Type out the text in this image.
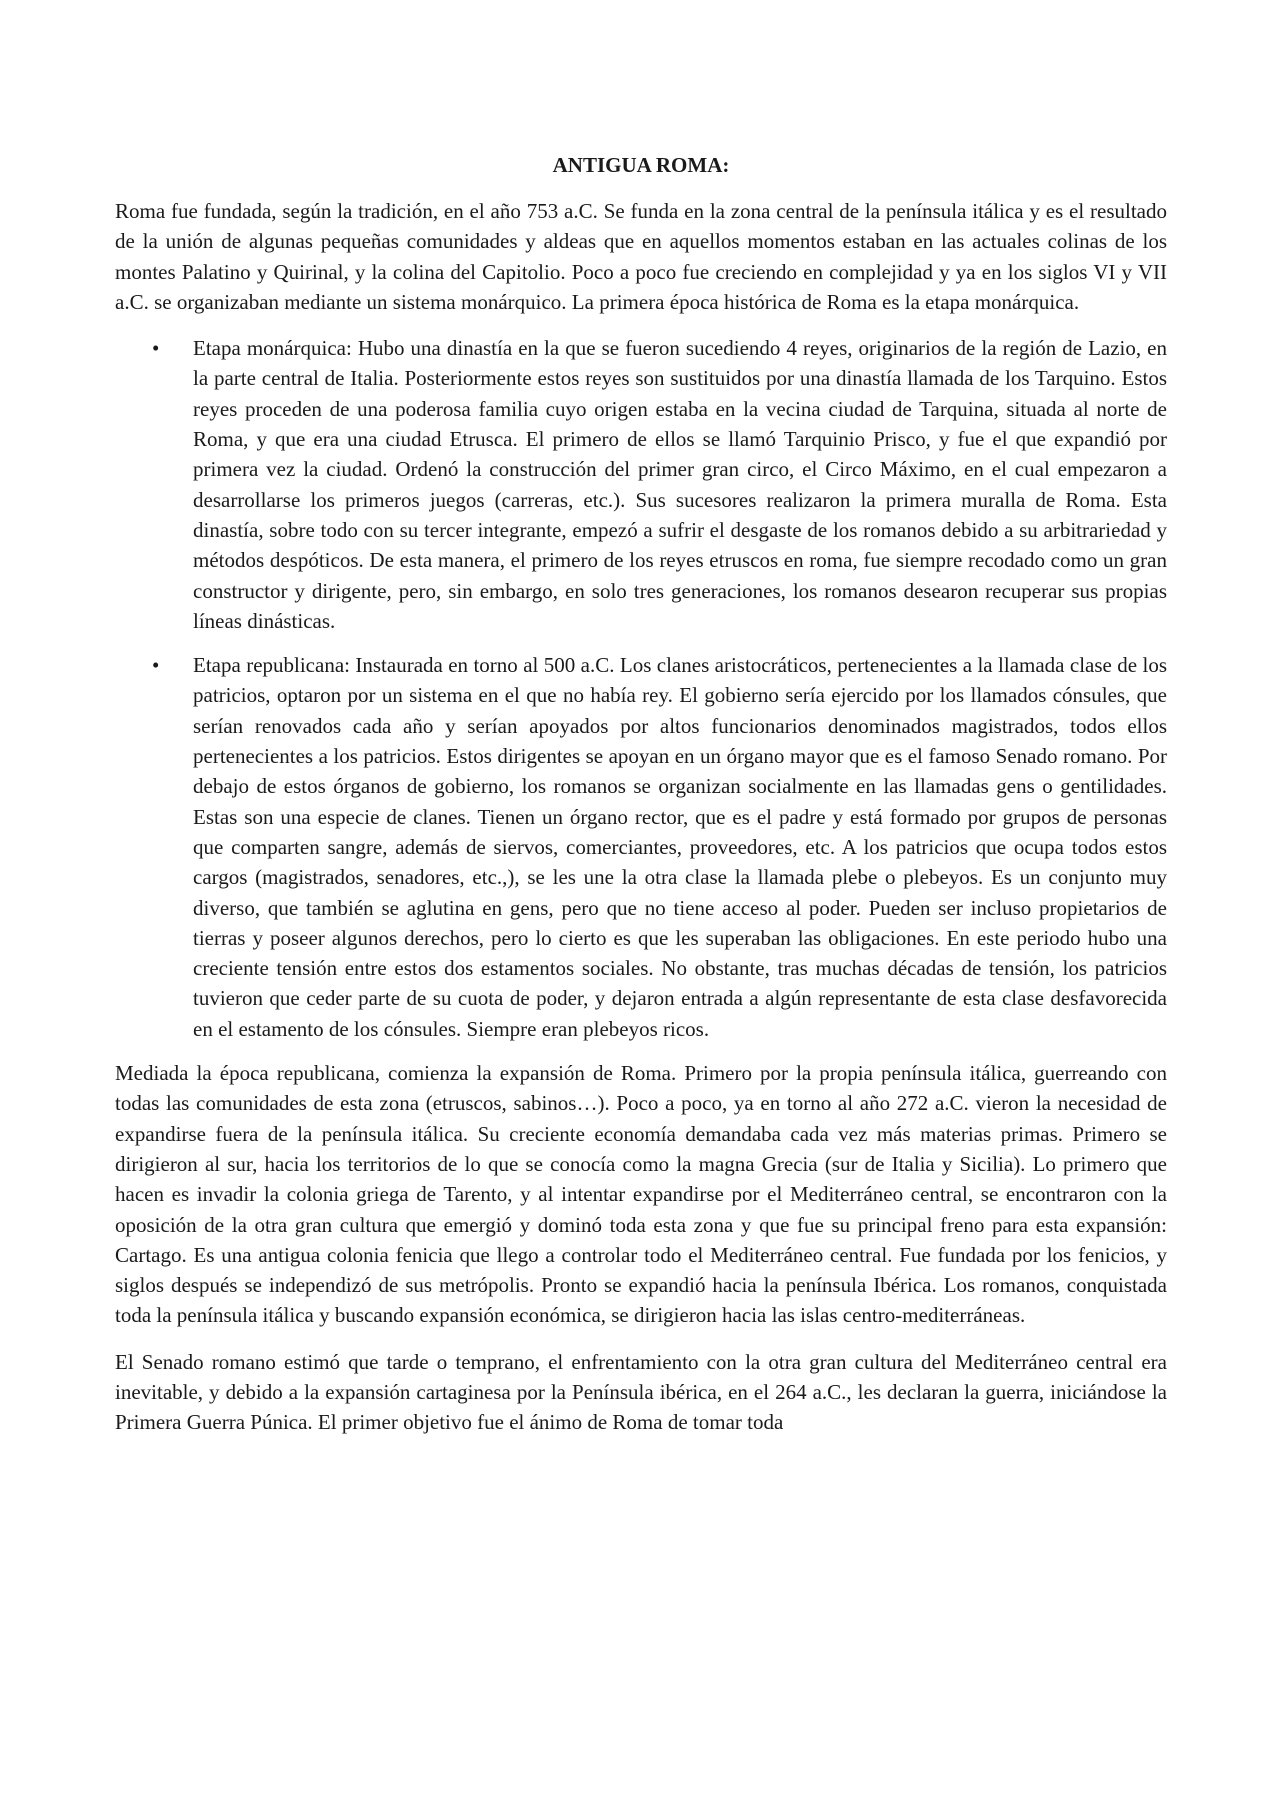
ANTIGUA ROMA:

Roma fue fundada, según la tradición, en el año 753 a.C. Se funda en la zona central de la península itálica y es el resultado de la unión de algunas pequeñas comunidades y aldeas que en aquellos momentos estaban en las actuales colinas de los montes Palatino y Quirinal, y la colina del Capitolio. Poco a poco fue creciendo en complejidad y ya en los siglos VI y VII a.C. se organizaban mediante un sistema monárquico. La primera época histórica de Roma es la etapa monárquica.

• Etapa monárquica: Hubo una dinastía en la que se fueron sucediendo 4 reyes, originarios de la región de Lazio, en la parte central de Italia. Posteriormente estos reyes son sustituidos por una dinastía llamada de los Tarquino. Estos reyes proceden de una poderosa familia cuyo origen estaba en la vecina ciudad de Tarquina, situada al norte de Roma, y que era una ciudad Etrusca. El primero de ellos se llamó Tarquinio Prisco, y fue el que expandió por primera vez la ciudad. Ordenó la construcción del primer gran circo, el Circo Máximo, en el cual empezaron a desarrollarse los primeros juegos (carreras, etc.). Sus sucesores realizaron la primera muralla de Roma. Esta dinastía, sobre todo con su tercer integrante, empezó a sufrir el desgaste de los romanos debido a su arbitrariedad y métodos despóticos. De esta manera, el primero de los reyes etruscos en roma, fue siempre recodado como un gran constructor y dirigente, pero, sin embargo, en solo tres generaciones, los romanos desearon recuperar sus propias líneas dinásticas.

• Etapa republicana: Instaurada en torno al 500 a.C. Los clanes aristocráticos, pertenecientes a la llamada clase de los patricios, optaron por un sistema en el que no había rey. El gobierno sería ejercido por los llamados cónsules, que serían renovados cada año y serían apoyados por altos funcionarios denominados magistrados, todos ellos pertenecientes a los patricios. Estos dirigentes se apoyan en un órgano mayor que es el famoso Senado romano. Por debajo de estos órganos de gobierno, los romanos se organizan socialmente en las llamadas gens o gentilidades. Estas son una especie de clanes. Tienen un órgano rector, que es el padre y está formado por grupos de personas que comparten sangre, además de siervos, comerciantes, proveedores, etc. A los patricios que ocupa todos estos cargos (magistrados, senadores, etc.,), se les une la otra clase la llamada plebe o plebeyos. Es un conjunto muy diverso, que también se aglutina en gens, pero que no tiene acceso al poder. Pueden ser incluso propietarios de tierras y poseer algunos derechos, pero lo cierto es que les superaban las obligaciones. En este periodo hubo una creciente tensión entre estos dos estamentos sociales. No obstante, tras muchas décadas de tensión, los patricios tuvieron que ceder parte de su cuota de poder, y dejaron entrada a algún representante de esta clase desfavorecida en el estamento de los cónsules. Siempre eran plebeyos ricos.

Mediada la época republicana, comienza la expansión de Roma. Primero por la propia península itálica, guerreando con todas las comunidades de esta zona (etruscos, sabinos…). Poco a poco, ya en torno al año 272 a.C. vieron la necesidad de expandirse fuera de la península itálica. Su creciente economía demandaba cada vez más materias primas. Primero se dirigieron al sur, hacia los territorios de lo que se conocía como la magna Grecia (sur de Italia y Sicilia). Lo primero que hacen es invadir la colonia griega de Tarento, y al intentar expandirse por el Mediterráneo central, se encontraron con la oposición de la otra gran cultura que emergió y dominó toda esta zona y que fue su principal freno para esta expansión: Cartago. Es una antigua colonia fenicia que llego a controlar todo el Mediterráneo central. Fue fundada por los fenicios, y siglos después se independizó de sus metrópolis. Pronto se expandió hacia la península Ibérica. Los romanos, conquistada toda la península itálica y buscando expansión económica, se dirigieron hacia las islas centro-mediterráneas.

El Senado romano estimó que tarde o temprano, el enfrentamiento con la otra gran cultura del Mediterráneo central era inevitable, y debido a la expansión cartaginesa por la Península ibérica, en el 264 a.C., les declaran la guerra, iniciándose la Primera Guerra Púnica. El primer objetivo fue el ánimo de Roma de tomar toda
